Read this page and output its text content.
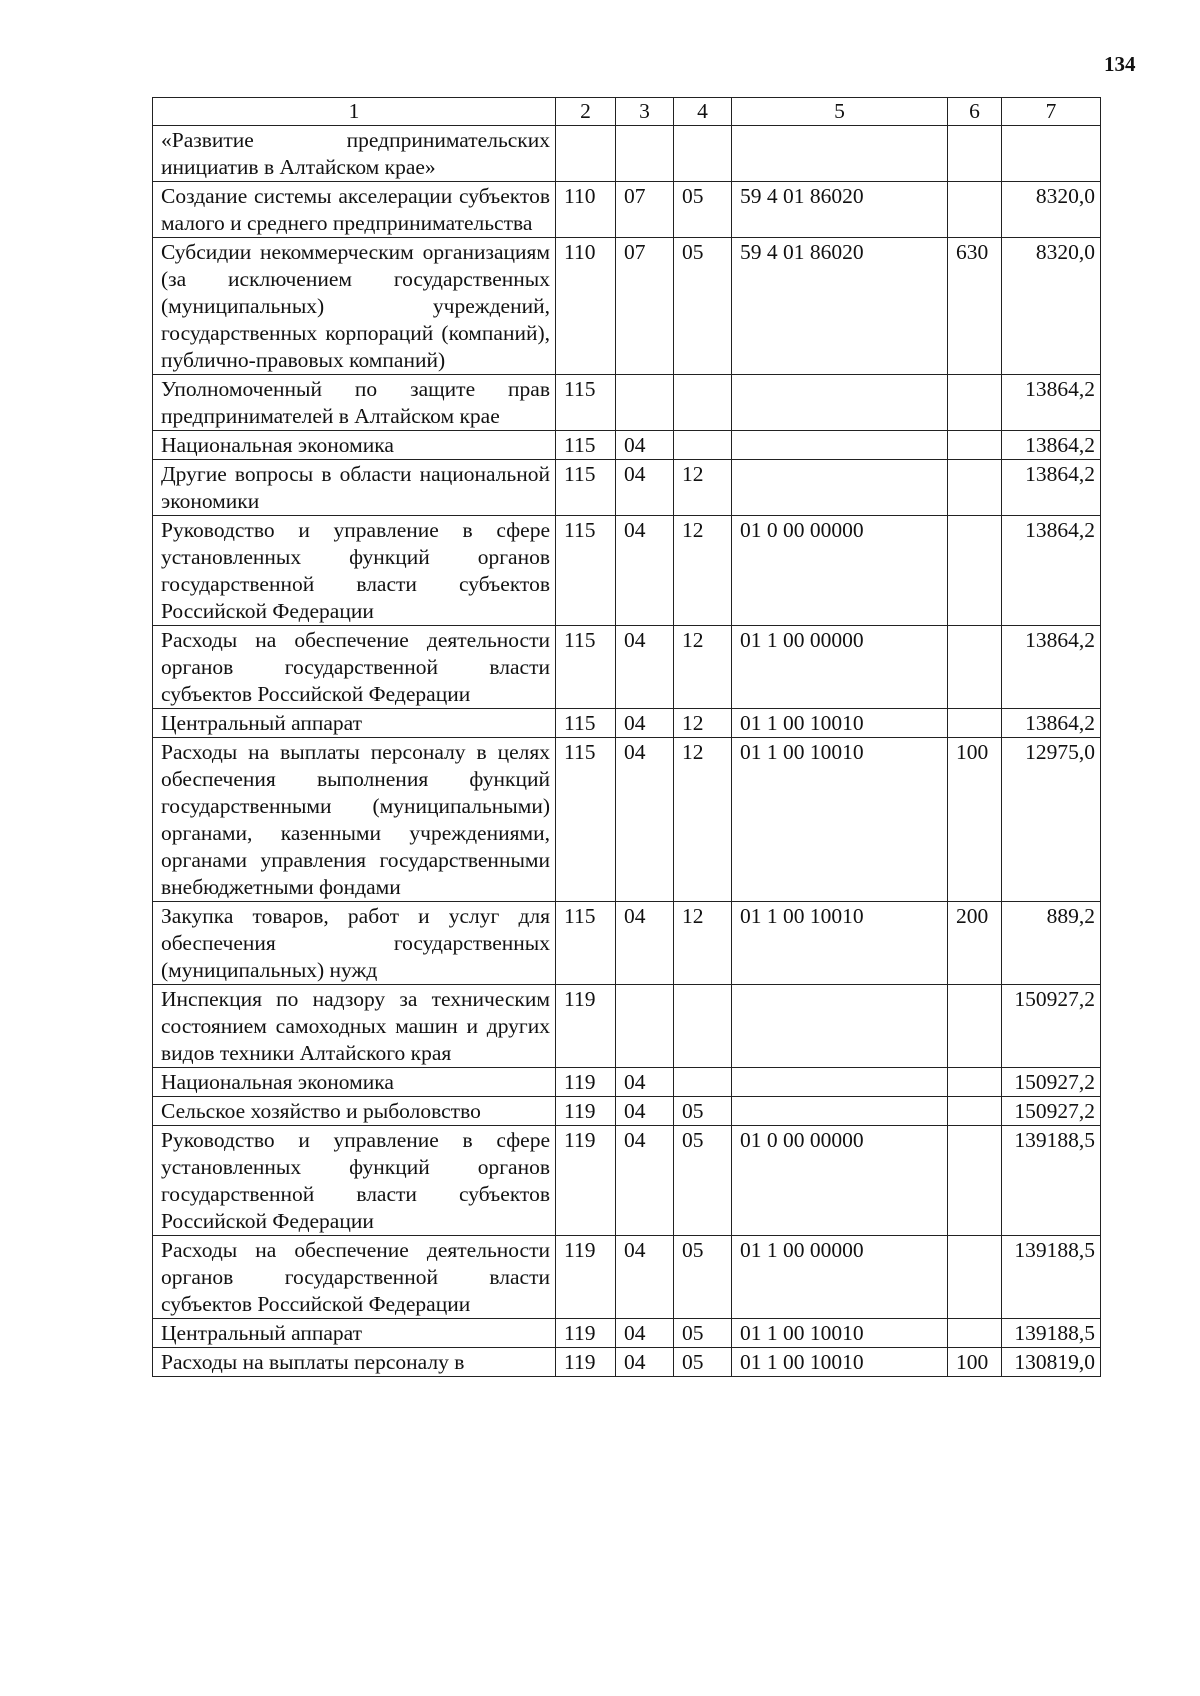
134
1	2	3	4	5	6	7
«Развитие предпринимательских инициатив в Алтайском крае»						
Создание системы акселерации субъектов малого и среднего предпринимательства	110	07	05	59 4 01 86020		8320,0
Субсидии некоммерческим организациям (за исключением государственных (муниципальных) учреждений, государственных корпораций (компаний), публично-правовых компаний)	110	07	05	59 4 01 86020	630	8320,0
Уполномоченный по защите прав предпринимателей в Алтайском крае	115					13864,2
Национальная экономика	115	04				13864,2
Другие вопросы в области национальной экономики	115	04	12			13864,2
Руководство и управление в сфере установленных функций органов государственной власти субъектов Российской Федерации	115	04	12	01 0 00 00000		13864,2
Расходы на обеспечение деятельности органов государственной власти субъектов Российской Федерации	115	04	12	01 1 00 00000		13864,2
Центральный аппарат	115	04	12	01 1 00 10010		13864,2
Расходы на выплаты персоналу в целях обеспечения выполнения функций государственными (муниципальными) органами, казенными учреждениями, органами управления государственными внебюджетными фондами	115	04	12	01 1 00 10010	100	12975,0
Закупка товаров, работ и услуг для обеспечения государственных (муниципальных) нужд	115	04	12	01 1 00 10010	200	889,2
Инспекция по надзору за техническим состоянием самоходных машин и других видов техники Алтайского края	119					150927,2
Национальная экономика	119	04				150927,2
Сельское хозяйство и рыболовство	119	04	05			150927,2
Руководство и управление в сфере установленных функций органов государственной власти субъектов Российской Федерации	119	04	05	01 0 00 00000		139188,5
Расходы на обеспечение деятельности органов государственной власти субъектов Российской Федерации	119	04	05	01 1 00 00000		139188,5
Центральный аппарат	119	04	05	01 1 00 10010		139188,5
Расходы на выплаты персоналу в	119	04	05	01 1 00 10010	100	130819,0
